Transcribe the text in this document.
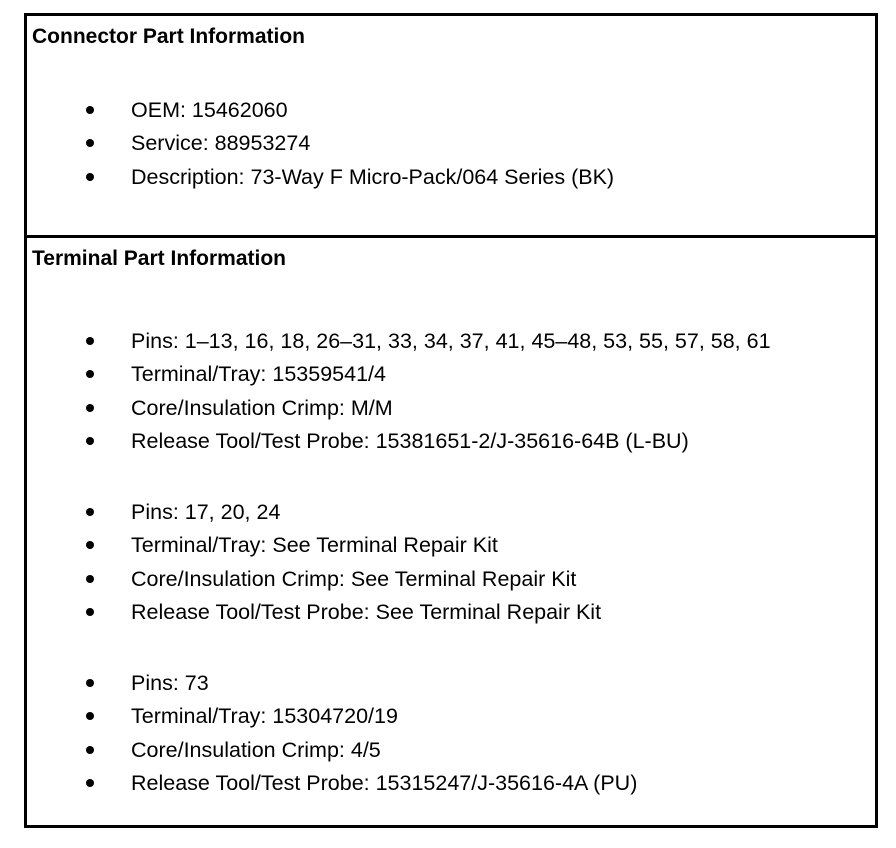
Connector Part Information
OEM: 15462060
Service: 88953274
Description: 73-Way F Micro-Pack/064 Series (BK)
Terminal Part Information
Pins: 1–13, 16, 18, 26–31, 33, 34, 37, 41, 45–48, 53, 55, 57, 58, 61
Terminal/Tray: 15359541/4
Core/Insulation Crimp: M/M
Release Tool/Test Probe: 15381651-2/J-35616-64B (L-BU)
Pins: 17, 20, 24
Terminal/Tray: See Terminal Repair Kit
Core/Insulation Crimp: See Terminal Repair Kit
Release Tool/Test Probe: See Terminal Repair Kit
Pins: 73
Terminal/Tray: 15304720/19
Core/Insulation Crimp: 4/5
Release Tool/Test Probe: 15315247/J-35616-4A (PU)
